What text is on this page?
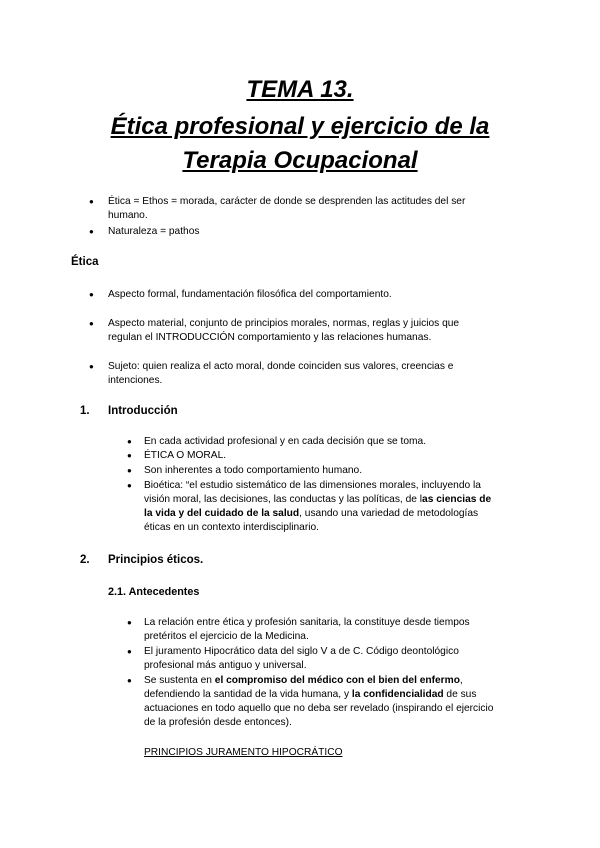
TEMA 13.
Ética profesional y ejercicio de la
Terapia Ocupacional
● Ética = Ethos = morada, carácter de donde se desprenden las actitudes del ser
humano.
● Naturaleza = pathos
Ética
● Aspecto formal, fundamentación filosófica del comportamiento.
● Aspecto material, conjunto de principios morales, normas, reglas y juicios que
regulan el INTRODUCCIÓN comportamiento y las relaciones humanas.
● Sujeto: quien realiza el acto moral, donde coinciden sus valores, creencias e
intenciones.
1. Introducción
● En cada actividad profesional y en cada decisión que se toma.
● ÉTICA O MORAL.
● Son inherentes a todo comportamiento humano.
● Bioética: “el estudio sistemático de las dimensiones morales, incluyendo la
visión moral, las decisiones, las conductas y las políticas, de las ciencias de
la vida y del cuidado de la salud, usando una variedad de metodologías
éticas en un contexto interdisciplinario.
2. Principios éticos.
2.1. Antecedentes
● La relación entre ética y profesión sanitaria, la constituye desde tiempos
pretéritos el ejercicio de la Medicina.
● El juramento Hipocrático data del siglo V a de C. Código deontológico
profesional más antiguo y universal.
● Se sustenta en el compromiso del médico con el bien del enfermo,
defendiendo la santidad de la vida humana, y la confidencialidad de sus
actuaciones en todo aquello que no deba ser revelado (inspirando el ejercicio
de la profesión desde entonces).
PRINCIPIOS JURAMENTO HIPOCRÁTICO
